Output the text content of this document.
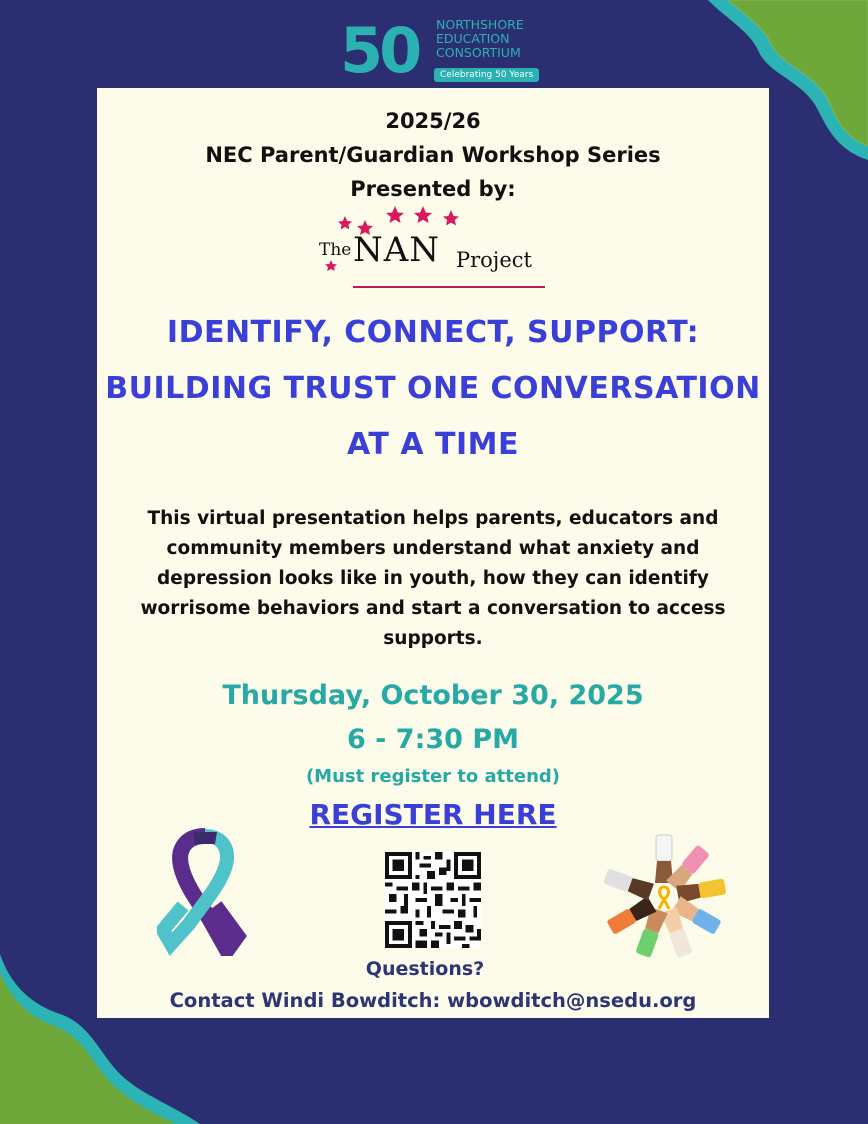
50 NORTHSHORE
EDUCATION
CONSORTIUM
Celebrating 50 Years
2025/26
NEC Parent/Guardian Workshop Series
Presented by:
The NAN Project
IDENTIFY, CONNECT, SUPPORT:
BUILDING TRUST ONE CONVERSATION
AT A TIME
This virtual presentation helps parents, educators and community members understand what anxiety and depression looks like in youth, how they can identify worrisome behaviors and start a conversation to access supports.
Thursday, October 30, 2025
6 - 7:30 PM
(Must register to attend)
REGISTER HERE
Questions?
Contact Windi Bowditch: wbowditch@nsedu.org
